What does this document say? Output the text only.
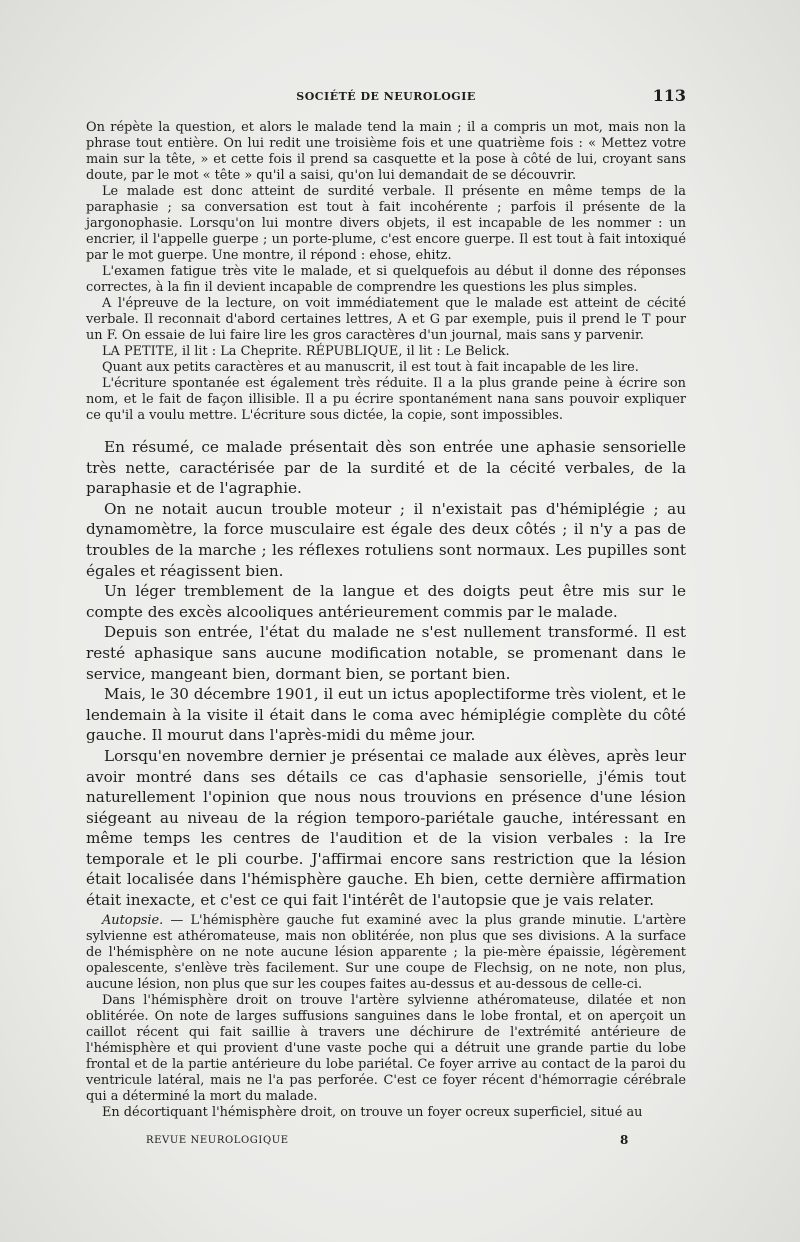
SOCIÉTÉ DE NEUROLOGIE	113

On répète la question, et alors le malade tend la main ; il a compris un mot, mais non la phrase tout entière. On lui redit une troisième fois et une quatrième fois : « Mettez votre main sur la tête, » et cette fois il prend sa casquette et la pose à côté de lui, croyant sans doute, par le mot « tête » qu'il a saisi, qu'on lui demandait de se découvrir.

Le malade est donc atteint de surdité verbale. Il présente en même temps de la paraphasie ; sa conversation est tout à fait incohérente ; parfois il présente de la jargonophasie. Lorsqu'on lui montre divers objets, il est incapable de les nommer : un encrier, il l'appelle guerpe ; un porte-plume, c'est encore guerpe. Il est tout à fait intoxiqué par le mot guerpe. Une montre, il répond : ehose, ehitz.

L'examen fatigue très vite le malade, et si quelquefois au début il donne des réponses correctes, à la fin il devient incapable de comprendre les questions les plus simples.

A l'épreuve de la lecture, on voit immédiatement que le malade est atteint de cécité verbale. Il reconnait d'abord certaines lettres, A et G par exemple, puis il prend le T pour un F. On essaie de lui faire lire les gros caractères d'un journal, mais sans y parvenir.

LA PETITE, il lit : La Cheprite. RÉPUBLIQUE, il lit : Le Belick.

Quant aux petits caractères et au manuscrit, il est tout à fait incapable de les lire.

L'écriture spontanée est également très réduite. Il a la plus grande peine à écrire son nom, et le fait de façon illisible. Il a pu écrire spontanément nana sans pouvoir expliquer ce qu'il a voulu mettre. L'écriture sous dictée, la copie, sont impossibles.

En résumé, ce malade présentait dès son entrée une aphasie sensorielle très nette, caractérisée par de la surdité et de la cécité verbales, de la paraphasie et de l'agraphie.

On ne notait aucun trouble moteur ; il n'existait pas d'hémiplégie ; au dynamomètre, la force musculaire est égale des deux côtés ; il n'y a pas de troubles de la marche ; les réflexes rotuliens sont normaux. Les pupilles sont égales et réagissent bien.

Un léger tremblement de la langue et des doigts peut être mis sur le compte des excès alcooliques antérieurement commis par le malade.

Depuis son entrée, l'état du malade ne s'est nullement transformé. Il est resté aphasique sans aucune modification notable, se promenant dans le service, mangeant bien, dormant bien, se portant bien.

Mais, le 30 décembre 1901, il eut un ictus apoplectiforme très violent, et le lendemain à la visite il était dans le coma avec hémiplégie complète du côté gauche. Il mourut dans l'après-midi du même jour.

Lorsqu'en novembre dernier je présentai ce malade aux élèves, après leur avoir montré dans ses détails ce cas d'aphasie sensorielle, j'émis tout naturellement l'opinion que nous nous trouvions en présence d'une lésion siégeant au niveau de la région temporo-pariétale gauche, intéressant en même temps les centres de l'audition et de la vision verbales : la Ire temporale et le pli courbe. J'affirmai encore sans restriction que la lésion était localisée dans l'hémisphère gauche. Eh bien, cette dernière affirmation était inexacte, et c'est ce qui fait l'intérêt de l'autopsie que je vais relater.

Autopsie. — L'hémisphère gauche fut examiné avec la plus grande minutie. L'artère sylvienne est athéromateuse, mais non oblitérée, non plus que ses divisions. A la surface de l'hémisphère on ne note aucune lésion apparente ; la pie-mère épaissie, légèrement opalescente, s'enlève très facilement. Sur une coupe de Flechsig, on ne note, non plus, aucune lésion, non plus que sur les coupes faites au-dessus et au-dessous de celle-ci.

Dans l'hémisphère droit on trouve l'artère sylvienne athéromateuse, dilatée et non oblitérée. On note de larges suffusions sanguines dans le lobe frontal, et on aperçoit un caillot récent qui fait saillie à travers une déchirure de l'extrémité antérieure de l'hémisphère et qui provient d'une vaste poche qui a détruit une grande partie du lobe frontal et de la partie antérieure du lobe pariétal. Ce foyer arrive au contact de la paroi du ventricule latéral, mais ne l'a pas perforée. C'est ce foyer récent d'hémorragie cérébrale qui a déterminé la mort du malade.

En décortiquant l'hémisphère droit, on trouve un foyer ocreux superficiel, situé au

REVUE NEUROLOGIQUE	8
